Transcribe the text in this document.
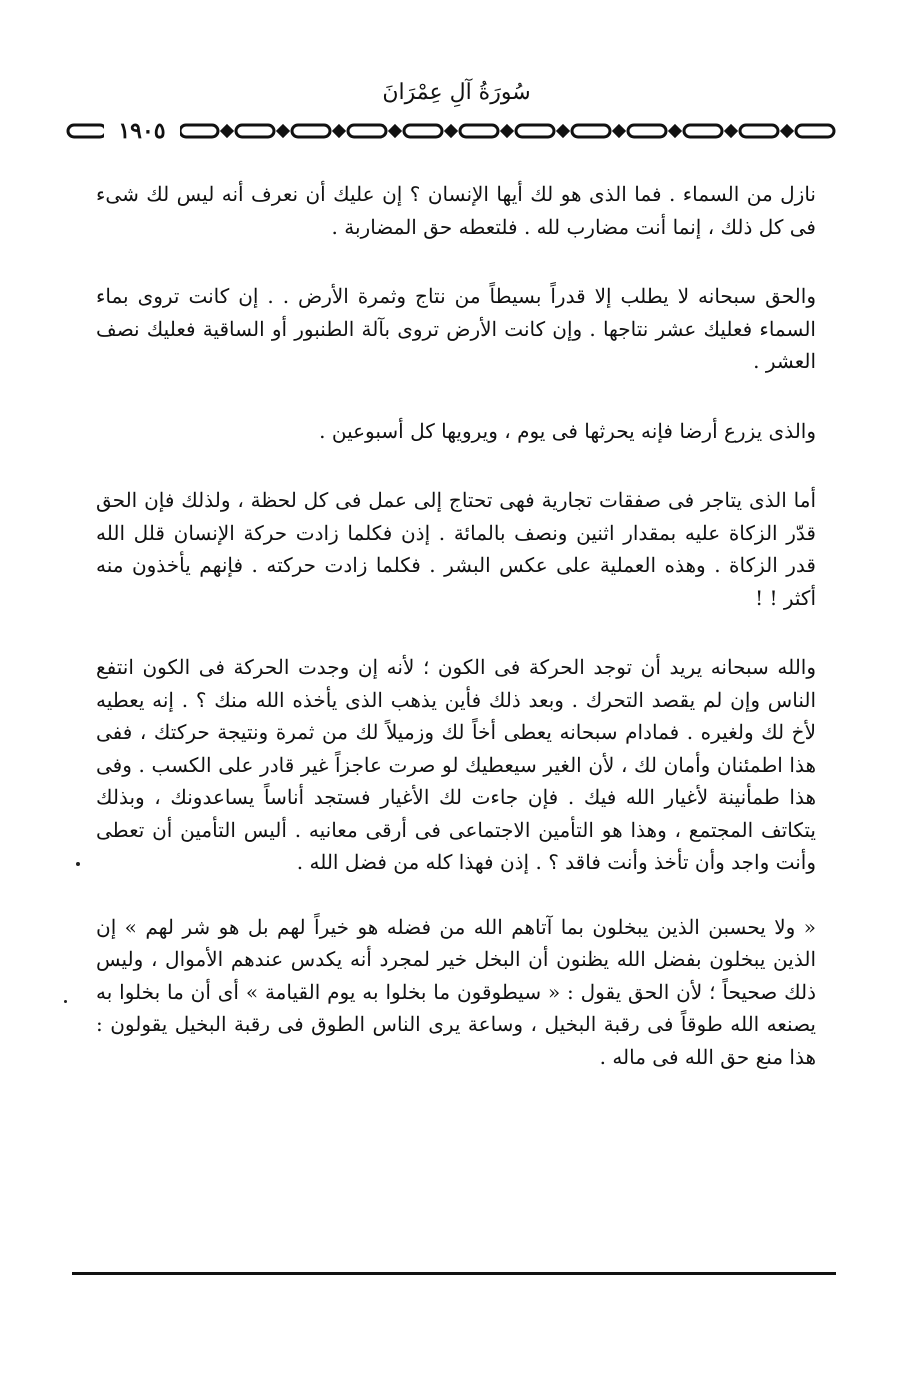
سُورَةُ آلِ عِمْرَانَ
١٩٠٥

نازل من السماء . فما الذى هو لك أيها الإنسان ؟ إن عليك أن نعرف أنه ليس لك شىء فى كل ذلك ، إنما أنت مضارب لله . فلتعطه حق المضاربة .

والحق سبحانه لا يطلب إلا قدراً بسيطاً من نتاج وثمرة الأرض . . إن كانت تروى بماء السماء فعليك عشر نتاجها . وإن كانت الأرض تروى بآلة الطنبور أو الساقية فعليك نصف العشر .

والذى يزرع أرضا فإنه يحرثها فى يوم ، ويرويها كل أسبوعين .

أما الذى يتاجر فى صفقات تجارية فهى تحتاج إلى عمل فى كل لحظة ، ولذلك فإن الحق قدّر الزكاة عليه بمقدار اثنين ونصف بالمائة . إذن فكلما زادت حركة الإنسان قلل الله قدر الزكاة . وهذه العملية على عكس البشر . فكلما زادت حركته . فإنهم يأخذون منه أكثر ! !

والله سبحانه يريد أن توجد الحركة فى الكون ؛ لأنه إن وجدت الحركة فى الكون انتفع الناس وإن لم يقصد التحرك . وبعد ذلك فأين يذهب الذى يأخذه الله منك ؟ . إنه يعطيه لأخ لك ولغيره . فمادام سبحانه يعطى أخاً لك وزميلاً لك من ثمرة ونتيجة حركتك ، ففى هذا اطمئنان وأمان لك ، لأن الغير سيعطيك لو صرت عاجزاً غير قادر على الكسب . وفى هذا طمأنينة لأغيار الله فيك . فإن جاءت لك الأغيار فستجد أناساً يساعدونك ، وبذلك يتكاتف المجتمع ، وهذا هو التأمين الاجتماعى فى أرقى معانيه . أليس التأمين أن تعطى وأنت واجد وأن تأخذ وأنت فاقد ؟ . إذن فهذا كله من فضل الله .

« ولا يحسبن الذين يبخلون بما آتاهم الله من فضله هو خيراً لهم بل هو شر لهم » إن الذين يبخلون بفضل الله يظنون أن البخل خير لمجرد أنه يكدس عندهم الأموال ، وليس ذلك صحيحاً ؛ لأن الحق يقول : « سيطوقون ما بخلوا به يوم القيامة » أى أن ما بخلوا به يصنعه الله طوقاً فى رقبة البخيل ، وساعة يرى الناس الطوق فى رقبة البخيل يقولون : هذا منع حق الله فى ماله .
